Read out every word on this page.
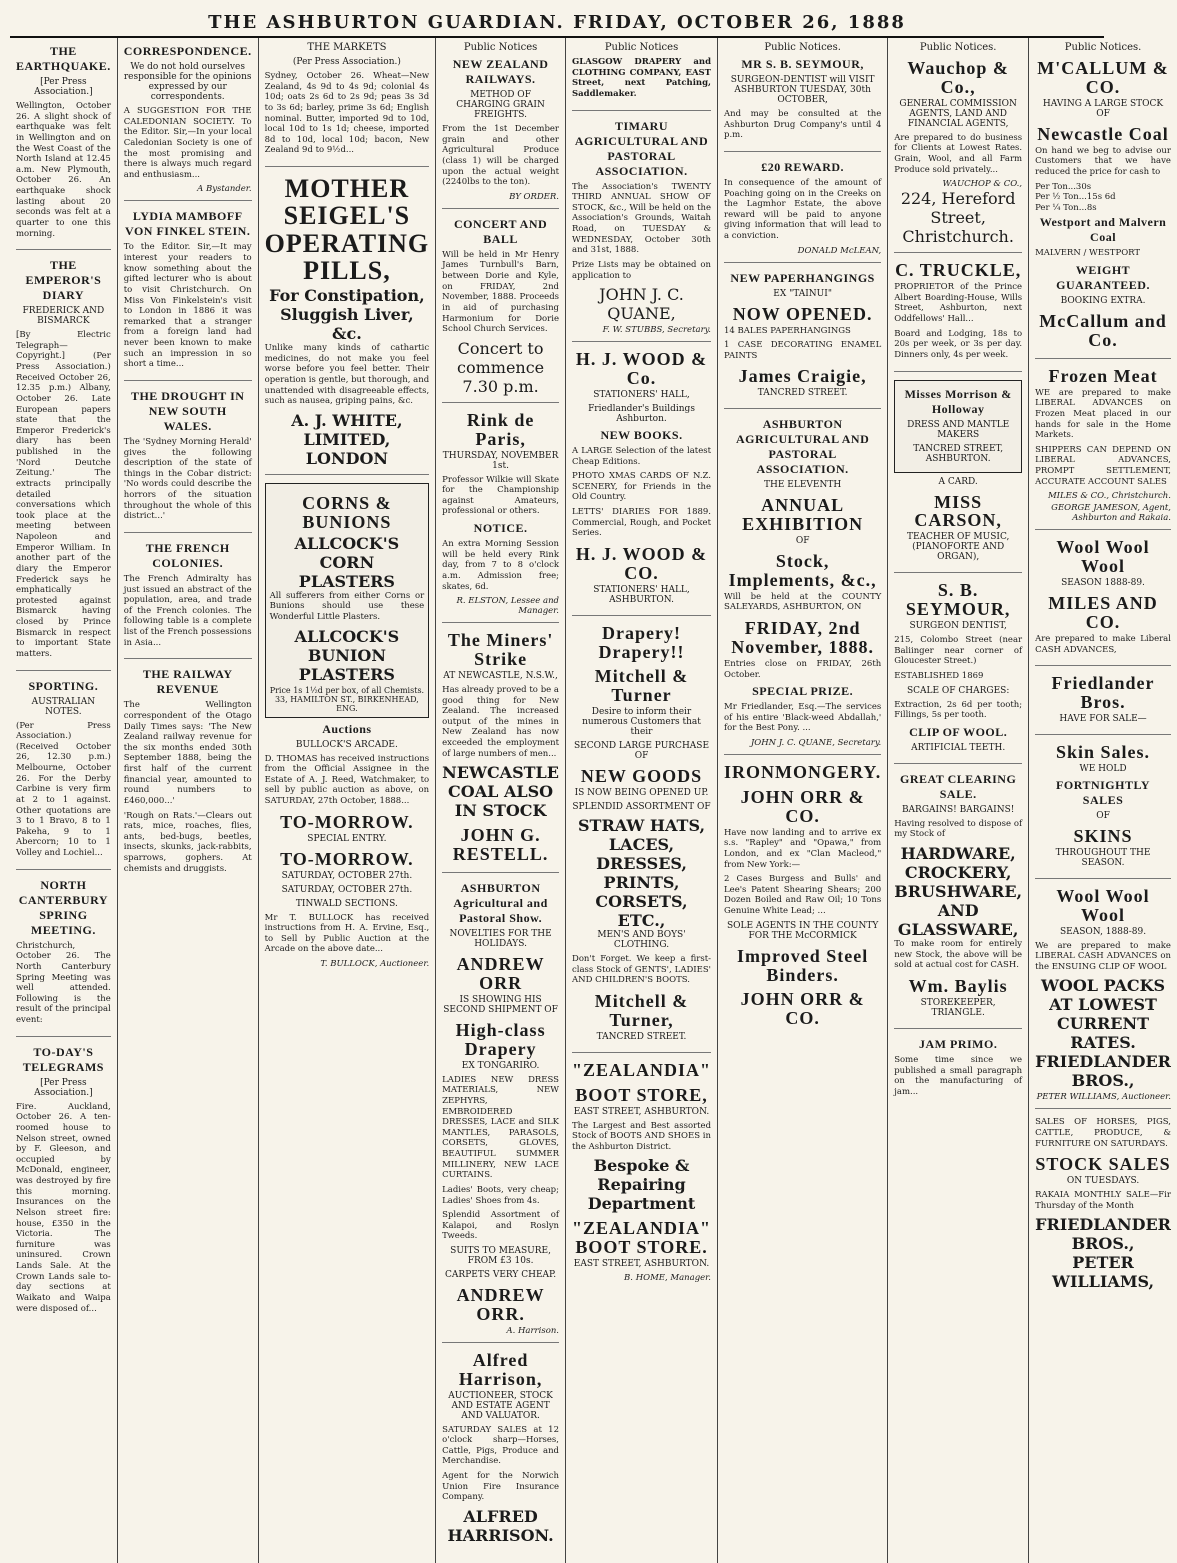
THE ASHBURTON GUARDIAN. FRIDAY, OCTOBER 26, 1888
THE EARTHQUAKE.
[Per Press Association.]
Wellington, October 26. A slight shock of earthquake was felt in Wellington and on the West Coast of the North Island at 12.45 a.m. New Plymouth, October 26. An earthquake shock lasting about 20 seconds was felt at a quarter to one this morning.
THE EMPEROR'S DIARY
FREDERICK AND BISMARCK
[By Electric Telegraph—Copyright.] (Per Press Association.) Received October 26, 12.35 p.m.) Albany, October 26. Late European papers state that the Emperor Frederick's diary has been published in the 'Nord Deutche Zeitung.' The extracts principally detailed conversations which took place at the meeting between Napoleon and Emperor William. In another part of the diary the Emperor Frederick says he emphatically protested against Bismarck having closed by Prince Bismarck in respect to important State matters.
SPORTING.
AUSTRALIAN NOTES.
(Per Press Association.) (Received October 26, 12.30 p.m.) Melbourne, October 26. For the Derby Carbine is very firm at 2 to 1 against. Other quotations are 3 to 1 Bravo, 8 to 1 Pakeha, 9 to 1 Abercorn; 10 to 1 Volley and Lochiel...
NORTH CANTERBURY SPRING MEETING.
Christchurch, October 26. The North Canterbury Spring Meeting was well attended. Following is the result of the principal event:
TO-DAY'S TELEGRAMS
[Per Press Association.]
Fire. Auckland, October 26. A ten-roomed house to Nelson street, owned by F. Gleeson, and occupied by McDonald, engineer, was destroyed by fire this morning. Insurances on the Nelson street fire: house, £350 in the Victoria. The furniture was uninsured. Crown Lands Sale. At the Crown Lands sale to-day sections at Waikato and Waipa were disposed of...
CORRESPONDENCE.
We do not hold ourselves responsible for the opinions expressed by our correspondents.
A SUGGESTION FOR THE CALEDONIAN SOCIETY. To the Editor. Sir,—In your local Caledonian Society is one of the most promising and there is always much regard and enthusiasm...
A Bystander.
LYDIA MAMBOFF VON FINKEL STEIN.
To the Editor. Sir,—It may interest your readers to know something about the gifted lecturer who is about to visit Christchurch. On Miss Von Finkelstein's visit to London in 1886 it was remarked that a stranger from a foreign land had never been known to make such an impression in so short a time...
THE DROUGHT IN NEW SOUTH WALES.
The 'Sydney Morning Herald' gives the following description of the state of things in the Cobar district: 'No words could describe the horrors of the situation throughout the whole of this district...'
THE FRENCH COLONIES.
The French Admiralty has just issued an abstract of the population, area, and trade of the French colonies. The following table is a complete list of the French possessions in Asia...
THE RAILWAY REVENUE
The Wellington correspondent of the Otago Daily Times says: 'The New Zealand railway revenue for the six months ended 30th September 1888, being the first half of the current financial year, amounted to round numbers to £460,000...'
'Rough on Rats.'—Clears out rats, mice, roaches, flies, ants, bed-bugs, beetles, insects, skunks, jack-rabbits, sparrows, gophers. At chemists and druggists.
THE MARKETS
(Per Press Association.)
Sydney, October 26. Wheat—New Zealand, 4s 9d to 4s 9d; colonial 4s 10d; oats 2s 6d to 2s 9d; peas 3s 3d to 3s 6d; barley, prime 3s 6d; English nominal. Butter, imported 9d to 10d, local 10d to 1s 1d; cheese, imported 8d to 10d, local 10d; bacon, New Zealand 9d to 9½d...
MOTHER SEIGEL'S OPERATING PILLS,
For Constipation,
Sluggish Liver, &c.
Unlike many kinds of cathartic medicines, do not make you feel worse before you feel better. Their operation is gentle, but thorough, and unattended with disagreeable effects, such as nausea, griping pains, &c.
A. J. WHITE, LIMITED, LONDON
CORNS & BUNIONS
ALLCOCK'S CORN PLASTERS
All sufferers from either Corns or Bunions should use these Wonderful Little Plasters.
ALLCOCK'S BUNION PLASTERS
Price 1s 1½d per box, of all Chemists. 33, HAMILTON ST., BIRKENHEAD, ENG.
Auctions
BULLOCK'S ARCADE.
D. THOMAS has received instructions from the Official Assignee in the Estate of A. J. Reed, Watchmaker, to sell by public auction as above, on SATURDAY, 27th October, 1888...
TO-MORROW.
SPECIAL ENTRY.
TO-MORROW.
SATURDAY, OCTOBER 27th.
SATURDAY, OCTOBER 27th.
TINWALD SECTIONS.
Mr T. BULLOCK has received instructions from H. A. Ervine, Esq., to Sell by Public Auction at the Arcade on the above date...
T. BULLOCK, Auctioneer.
Public Notices
NEW ZEALAND RAILWAYS.
METHOD OF CHARGING GRAIN FREIGHTS.
From the 1st December grain and other Agricultural Produce (class 1) will be charged upon the actual weight (2240lbs to the ton).
BY ORDER.
CONCERT AND BALL
Will be held in Mr Henry James Turnbull's Barn, between Dorie and Kyle, on FRIDAY, 2nd November, 1888. Proceeds in aid of purchasing Harmonium for Dorie School Church Services.
Concert to commence 7.30 p.m.
Rink de Paris,
THURSDAY, NOVEMBER 1st.
Professor Wilkie will Skate for the Championship against Amateurs, professional or others.
NOTICE.
An extra Morning Session will be held every Rink day, from 7 to 8 o'clock a.m. Admission free; skates, 6d.
R. ELSTON, Lessee and Manager.
The Miners' Strike
AT NEWCASTLE, N.S.W.,
Has already proved to be a good thing for New Zealand. The increased output of the mines in New Zealand has now exceeded the employment of large numbers of men...
NEWCASTLE COAL ALSO IN STOCK
JOHN G. RESTELL.
ASHBURTON Agricultural and Pastoral Show.
NOVELTIES FOR THE HOLIDAYS.
ANDREW ORR
IS SHOWING HIS SECOND SHIPMENT OF
High-class Drapery
EX TONGARIRO.
LADIES NEW DRESS MATERIALS, NEW ZEPHYRS, EMBROIDERED DRESSES, LACE and SILK MANTLES, PARASOLS, CORSETS, GLOVES, BEAUTIFUL SUMMER MILLINERY, NEW LACE CURTAINS.
Ladies' Boots, very cheap; Ladies' Shoes from 4s.
Splendid Assortment of Kalapoi, and Roslyn Tweeds.
SUITS TO MEASURE, FROM £3 10s.
CARPETS VERY CHEAP.
ANDREW ORR.
A. Harrison.
Alfred Harrison,
AUCTIONEER, STOCK AND ESTATE AGENT AND VALUATOR.
SATURDAY SALES at 12 o'clock sharp—Horses, Cattle, Pigs, Produce and Merchandise.
Agent for the Norwich Union Fire Insurance Company.
ALFRED HARRISON.
Public Notices
GLASGOW DRAPERY and CLOTHING COMPANY, EAST Street, next Patching, Saddlemaker.
TIMARU AGRICULTURAL AND PASTORAL ASSOCIATION.
The Association's TWENTY THIRD ANNUAL SHOW OF STOCK, &c., Will be held on the Association's Grounds, Waitah Road, on TUESDAY & WEDNESDAY, October 30th and 31st, 1888.
Prize Lists may be obtained on application to
JOHN J. C. QUANE,
F. W. STUBBS, Secretary.
H. J. WOOD & Co.
STATIONERS' HALL,
Friedlander's Buildings Ashburton.
NEW BOOKS.
A LARGE Selection of the latest Cheap Editions.
PHOTO XMAS CARDS OF N.Z. SCENERY, for Friends in the Old Country.
LETTS' DIARIES FOR 1889. Commercial, Rough, and Pocket Series.
H. J. WOOD & CO.
STATIONERS' HALL, ASHBURTON.
Drapery! Drapery!!
Mitchell & Turner
Desire to inform their numerous Customers that their
SECOND LARGE PURCHASE OF
NEW GOODS
IS NOW BEING OPENED UP.
SPLENDID ASSORTMENT OF
STRAW HATS, LACES,
DRESSES, PRINTS,
CORSETS, ETC.,
MEN'S AND BOYS' CLOTHING.
Don't Forget. We keep a first-class Stock of GENTS', LADIES' AND CHILDREN'S BOOTS.
Mitchell & Turner,
TANCRED STREET.
"ZEALANDIA"
BOOT STORE,
EAST STREET, ASHBURTON.
The Largest and Best assorted Stock of BOOTS AND SHOES in the Ashburton District.
Bespoke & Repairing Department
"ZEALANDIA" BOOT STORE.
EAST STREET, ASHBURTON.
B. HOME, Manager.
Public Notices.
MR S. B. SEYMOUR,
SURGEON-DENTIST will VISIT ASHBURTON TUESDAY, 30th OCTOBER,
And may be consulted at the Ashburton Drug Company's until 4 p.m.
£20 REWARD.
In consequence of the amount of Poaching going on in the Creeks on the Lagmhor Estate, the above reward will be paid to anyone giving information that will lead to a conviction.
DONALD McLEAN,
NEW PAPERHANGINGS
EX "TAINUI"
NOW OPENED.
14 BALES PAPERHANGINGS
1 CASE DECORATING ENAMEL PAINTS
James Craigie,
TANCRED STREET.
ASHBURTON AGRICULTURAL AND PASTORAL ASSOCIATION.
THE ELEVENTH
ANNUAL EXHIBITION
OF
Stock, Implements, &c.,
Will be held at the COUNTY SALEYARDS, ASHBURTON, ON
FRIDAY, 2nd November, 1888.
Entries close on FRIDAY, 26th October.
SPECIAL PRIZE.
Mr Friedlander, Esq.—The services of his entire 'Black-weed Abdallah,' for the Best Pony. ...
JOHN J. C. QUANE, Secretary.
IRONMONGERY.
JOHN ORR & CO.
Have now landing and to arrive ex s.s. "Rapley" and "Opawa," from London, and ex "Clan Macleod," from New York:—
2 Cases Burgess and Bulls' and Lee's Patent Shearing Shears; 200 Dozen Boiled and Raw Oil; 10 Tons Genuine White Lead; ...
SOLE AGENTS IN THE COUNTY FOR THE McCORMICK
Improved Steel Binders.
JOHN ORR & CO.
Public Notices.
Wauchop & Co.,
GENERAL COMMISSION AGENTS, LAND AND FINANCIAL AGENTS,
Are prepared to do business for Clients at Lowest Rates. Grain, Wool, and all Farm Produce sold privately...
WAUCHOP & CO.,
224, Hereford Street, Christchurch.
C. TRUCKLE,
PROPRIETOR of the Prince Albert Boarding-House, Wills Street, Ashburton, next Oddfellows' Hall...
Board and Lodging, 18s to 20s per week, or 3s per day. Dinners only, 4s per week.
Misses Morrison & Holloway
DRESS AND MANTLE MAKERS
TANCRED STREET, ASHBURTON.
A CARD.
MISS CARSON,
TEACHER OF MUSIC, (PIANOFORTE AND ORGAN),
S. B. SEYMOUR,
SURGEON DENTIST,
215, Colombo Street (near Baliinger near corner of Gloucester Street.)
ESTABLISHED 1869
SCALE OF CHARGES:
Extraction, 2s 6d per tooth; Fillings, 5s per tooth.
CLIP OF WOOL.
ARTIFICIAL TEETH.
GREAT CLEARING SALE.
BARGAINS! BARGAINS!
Having resolved to dispose of my Stock of
HARDWARE, CROCKERY, BRUSHWARE, AND GLASSWARE,
To make room for entirely new Stock, the above will be sold at actual cost for CASH.
Wm. Baylis
STOREKEEPER, TRIANGLE.
JAM PRIMO.
Some time since we published a small paragraph on the manufacturing of jam...
Public Notices.
M'CALLUM & CO.
HAVING A LARGE STOCK OF
Newcastle Coal
On hand we beg to advise our Customers that we have reduced the price for cash to
Per Ton...30s
Per ½ Ton...15s 6d
Per ¼ Ton...8s
Westport and Malvern Coal
MALVERN / WESTPORT
WEIGHT GUARANTEED.
BOOKING EXTRA.
McCallum and Co.
Frozen Meat
WE are prepared to make LIBERAL ADVANCES on Frozen Meat placed in our hands for sale in the Home Markets.
SHIPPERS CAN DEPEND ON LIBERAL ADVANCES, PROMPT SETTLEMENT, ACCURATE ACCOUNT SALES
MILES & CO., Christchurch.
GEORGE JAMESON, Agent, Ashburton and Rakaia.
Wool Wool Wool
SEASON 1888-89.
MILES AND CO.
Are prepared to make Liberal CASH ADVANCES,
Friedlander Bros.
HAVE FOR SALE—
Skin Sales.
WE HOLD
FORTNIGHTLY SALES
OF
SKINS
THROUGHOUT THE SEASON.
Wool Wool Wool
SEASON, 1888-89.
We are prepared to make LIBERAL CASH ADVANCES on the ENSUING CLIP OF WOOL
WOOL PACKS AT LOWEST CURRENT RATES.
FRIEDLANDER BROS.,
PETER WILLIAMS, Auctioneer.
SALES OF HORSES, PIGS, CATTLE, PRODUCE, & FURNITURE ON SATURDAYS.
STOCK SALES
ON TUESDAYS.
RAKAIA MONTHLY SALE—Fir Thursday of the Month
FRIEDLANDER BROS.,
PETER WILLIAMS,
